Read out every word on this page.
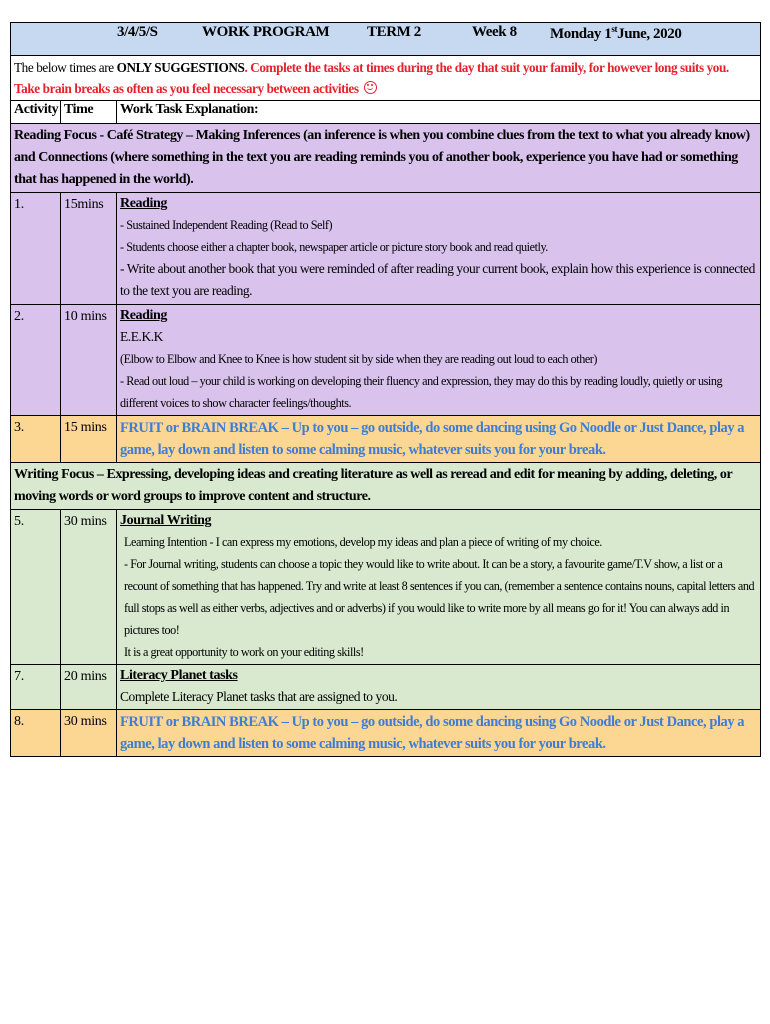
3/4/5/S WORK PROGRAM TERM 2 Week 8 Monday 1stJune, 2020		

The below times are ONLY SUGGESTIONS. Complete the tasks at times during the day that suit your family, for however long suits you.
Take brain breaks as often as you feel necessary between activities		

Activity	Time	Work Task Explanation:
Reading Focus - Café Strategy – Making Inferences (an inference is when you combine clues from the text to what you already know) and Connections (where something in the text you are reading reminds you of another book, experience you have had or something that has happened in the world).		
1.	15mins	Reading
- Sustained Independent Reading (Read to Self)
- Students choose either a chapter book, newspaper article or picture story book and read quietly.
- Write about another book that you were reminded of after reading your current book, explain how this experience is connected to the text you are reading.

2.	10 mins	Reading
E.E.K.K
(Elbow to Elbow and Knee to Knee is how student sit by side when they are reading out loud to each other)
- Read out loud – your child is working on developing their fluency and expression, they may do this by reading loudly, quietly or using different voices to show character feelings/thoughts.

3.	15 mins	FRUIT or BRAIN BREAK – Up to you – go outside, do some dancing using Go Noodle or Just Dance, play a game, lay down and listen to some calming music, whatever suits you for your break.
Writing Focus – Expressing, developing ideas and creating literature as well as reread and edit for meaning by adding, deleting, or moving words or word groups to improve content and structure.		
5.	30 mins	Journal Writing
Learning Intention - I can express my emotions, develop my ideas and plan a piece of writing of my choice.
- For Journal writing, students can choose a topic they would like to write about. It can be a story, a favourite game/T.V show, a list or a recount of something that has happened. Try and write at least 8 sentences if you can, (remember a sentence contains nouns, capital letters and full stops as well as either verbs, adjectives and or adverbs) if you would like to write more by all means go for it! You can always add in pictures too!
It is a great opportunity to work on your editing skills!

7.	20 mins	Literacy Planet tasks
Complete Literacy Planet tasks that are assigned to you.

8.	30 mins	FRUIT or BRAIN BREAK – Up to you – go outside, do some dancing using Go Noodle or Just Dance, play a game, lay down and listen to some calming music, whatever suits you for your break.
